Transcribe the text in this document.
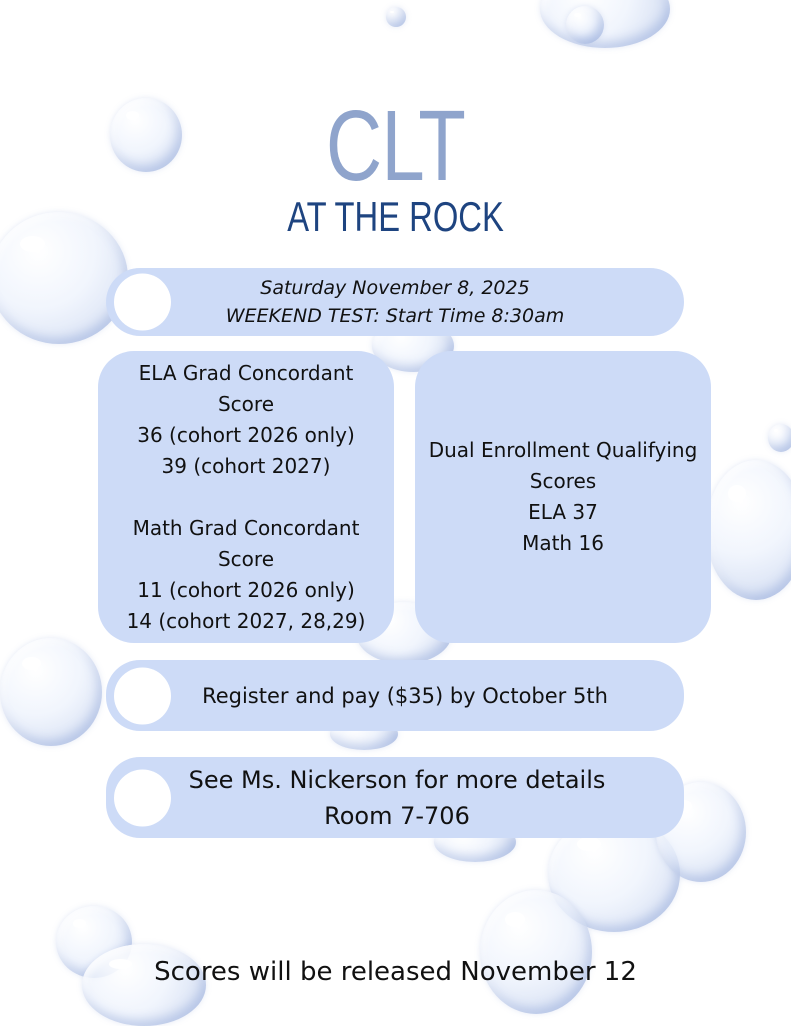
CLT
AT THE ROCK
Saturday November 8, 2025
WEEKEND TEST: Start Time 8:30am
ELA Grad Concordant Score
36 (cohort 2026 only)
39 (cohort 2027)
Math Grad Concordant Score
11 (cohort 2026 only)
14 (cohort 2027, 28,29)
Dual Enrollment Qualifying Scores
ELA 37
Math 16
Register and pay ($35) by October 5th
See Ms. Nickerson for more details
Room 7-706
Scores will be released November 12
